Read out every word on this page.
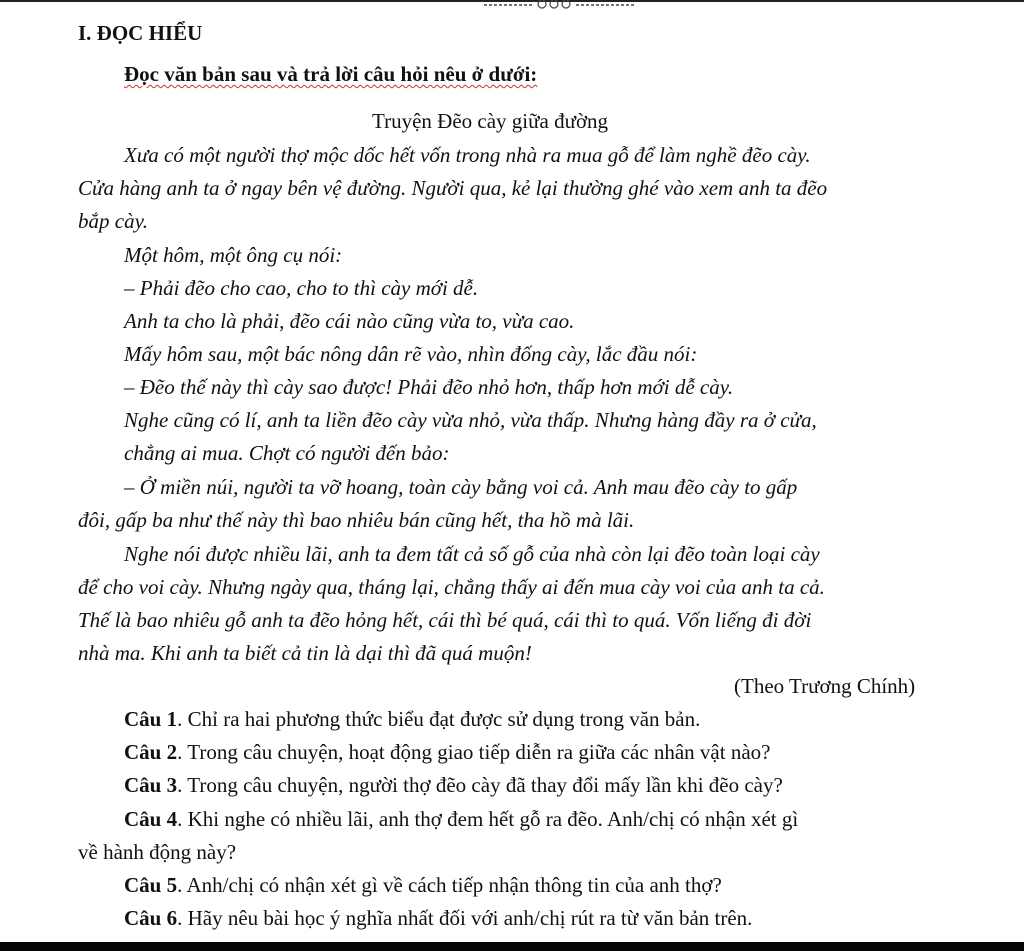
I. ĐỌC HIỂU
Đọc văn bản sau và trả lời câu hỏi nêu ở dưới:
Truyện Đẽo cày giữa đường
Xưa có một người thợ mộc dốc hết vốn trong nhà ra mua gỗ để làm nghề đẽo cày.
Cửa hàng anh ta ở ngay bên vệ đường. Người qua, kẻ lại thường ghé vào xem anh ta đẽo
bắp cày.
Một hôm, một ông cụ nói:
– Phải đẽo cho cao, cho to thì cày mới dễ.
Anh ta cho là phải, đẽo cái nào cũng vừa to, vừa cao.
Mấy hôm sau, một bác nông dân rẽ vào, nhìn đống cày, lắc đầu nói:
– Đẽo thế này thì cày sao được! Phải đẽo nhỏ hơn, thấp hơn mới dễ cày.
Nghe cũng có lí, anh ta liền đẽo cày vừa nhỏ, vừa thấp. Nhưng hàng đầy ra ở cửa,
chẳng ai mua. Chợt có người đến bảo:
– Ở miền núi, người ta vỡ hoang, toàn cày bằng voi cả. Anh mau đẽo cày to gấp
đôi, gấp ba như thế này thì bao nhiêu bán cũng hết, tha hồ mà lãi.
Nghe nói được nhiều lãi, anh ta đem tất cả số gỗ của nhà còn lại đẽo toàn loại cày
để cho voi cày. Nhưng ngày qua, tháng lại, chẳng thấy ai đến mua cày voi của anh ta cả.
Thế là bao nhiêu gỗ anh ta đẽo hỏng hết, cái thì bé quá, cái thì to quá. Vốn liếng đi đời
nhà ma. Khi anh ta biết cả tin là dại thì đã quá muộn!
(Theo Trương Chính)
Câu 1. Chỉ ra hai phương thức biểu đạt được sử dụng trong văn bản.
Câu 2. Trong câu chuyện, hoạt động giao tiếp diễn ra giữa các nhân vật nào?
Câu 3. Trong câu chuyện, người thợ đẽo cày đã thay đổi mấy lần khi đẽo cày?
Câu 4. Khi nghe có nhiều lãi, anh thợ đem hết gỗ ra đẽo. Anh/chị có nhận xét gì
về hành động này?
Câu 5. Anh/chị có nhận xét gì về cách tiếp nhận thông tin của anh thợ?
Câu 6. Hãy nêu bài học ý nghĩa nhất đối với anh/chị rút ra từ văn bản trên.
